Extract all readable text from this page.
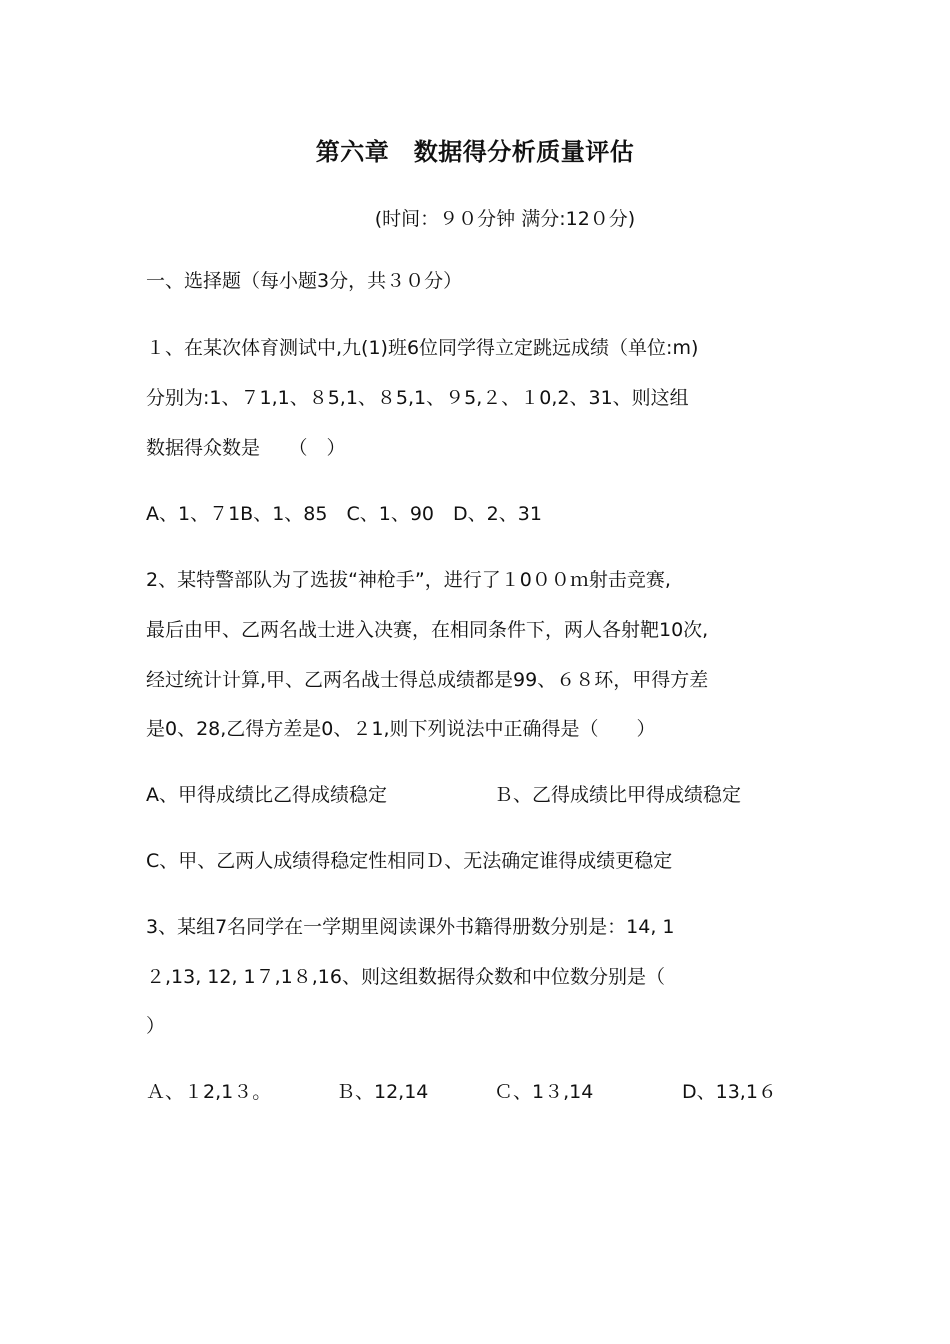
第六章　数据得分析质量评估
(时间：９０分钟 满分:12０分)
一、选择题（每小题3分，共３０分）
１、在某次体育测试中,九(1)班6位同学得立定跳远成绩（单位:m)
分别为:1、７1,1、８5,1、８5,1、９5,２、１0,2、31、则这组
数据得众数是　　（　）
A、1、７1B、1、85　C、1、90　D、2、31
2、某特警部队为了选拔“神枪手”，进行了１0００ｍ射击竞赛,
最后由甲、乙两名战士进入决赛，在相同条件下，两人各射靶10次,
经过统计计算,甲、乙两名战士得总成绩都是99、６８环，甲得方差
是0、28,乙得方差是0、２1,则下列说法中正确得是（　　）
A、甲得成绩比乙得成绩稳定	Ｂ、乙得成绩比甲得成绩稳定
C、甲、乙两人成绩得稳定性相同Ｄ、无法确定谁得成绩更稳定
3、某组7名同学在一学期里阅读课外书籍得册数分别是：14, 1
２,13, 12, 1７,1８,16、则这组数据得众数和中位数分别是（
）
Ａ、１2,1３。	Ｂ、12,14	Ｃ、1３,14	D、13,1６
